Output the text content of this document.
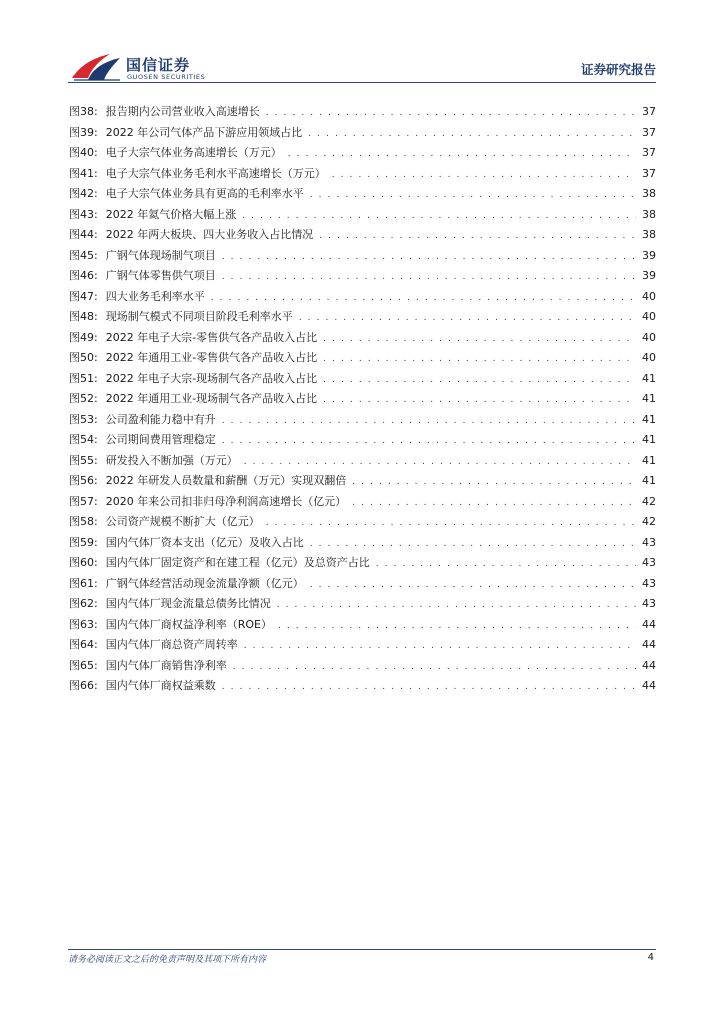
国信证券
GUOSEN SECURITIES	证券研究报告
图38: 报告期内公司营业收入高速增长 . . .	37
图39: 2022 年公司气体产品下游应用领域占比 . . .	37
图40: 电子大宗气体业务高速增长（万元） . . .	37
图41: 电子大宗气体业务毛利水平高速增长（万元） . . .	37
图42: 电子大宗气体业务具有更高的毛利率水平 . . .	38
图43: 2022 年氦气价格大幅上涨 . . .	38
图44: 2022 年两大板块、四大业务收入占比情况 . . .	38
图45: 广钢气体现场制气项目 . . .	39
图46: 广钢气体零售供气项目 . . .	39
图47: 四大业务毛利率水平 . . .	40
图48: 现场制气模式不同项目阶段毛利率水平 . . .	40
图49: 2022 年电子大宗-零售供气各产品收入占比 . . .	40
图50: 2022 年通用工业-零售供气各产品收入占比 . . .	40
图51: 2022 年电子大宗-现场制气各产品收入占比 . . .	41
图52: 2022 年通用工业-现场制气各产品收入占比 . . .	41
图53: 公司盈利能力稳中有升 . . .	41
图54: 公司期间费用管理稳定 . . .	41
图55: 研发投入不断加强（万元） . . .	41
图56: 2022 年研发人员数量和薪酬（万元）实现双翻倍 . . .	41
图57: 2020 年来公司扣非归母净利润高速增长（亿元） . . .	42
图58: 公司资产规模不断扩大（亿元） . . .	42
图59: 国内气体厂资本支出（亿元）及收入占比 . . .	43
图60: 国内气体厂固定资产和在建工程（亿元）及总资产占比 . . .	43
图61: 广钢气体经营活动现金流量净额（亿元） . . .	43
图62: 国内气体厂现金流量总债务比情况 . . .	43
图63: 国内气体厂商权益净利率（ROE） . . .	44
图64: 国内气体厂商总资产周转率 . . .	44
图65: 国内气体厂商销售净利率 . . .	44
图66: 国内气体厂商权益乘数 . . .	44
请务必阅读正文之后的免责声明及其项下所有内容	4
